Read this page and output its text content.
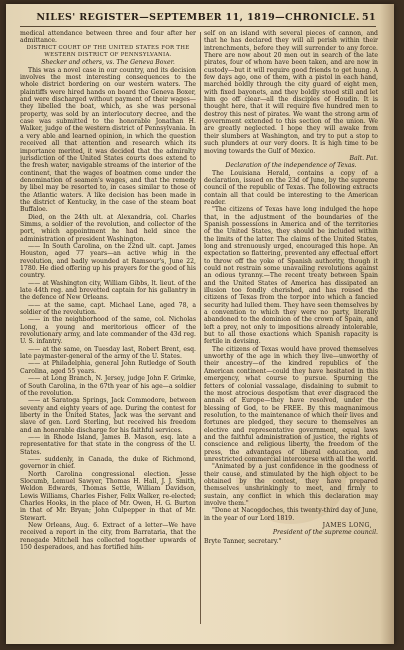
NILES' REGISTER—SEPTEMBER 11, 1819—CHRONICLE. 51

medical attendance between three and four after her admittance.

DISTRICT COURT OF THE UNITED STATES FOR THE WESTERN DISTRICT OF PENNSYLVANIA.

Shecker and others, vs. The Geneva Boxer.

This was a novel case in our country, and its decision involves the most interesting consequences to the whole district bordering on our western waters. The plaintiffs were hired hands on board the Geneva Boxer, and were discharged without payment of their wages—they libelled the boat, which, as she was personal property, was sold by an interlocutory decree, and the case was submitted to the honorable Jonathan H. Walker, judge of the western district of Pennsylvania. In a very able and learned opinion, in which the question received all that attention and research which its importance merited, it was decided that the admiralty jurisdiction of the United States courts does extend to the fresh water, navigable streams of the interior of the continent, that the wages of boatmen come under the denomination of seamen's wages, and that the remedy by libel may be resorted to, in cases similar to those of the Atlantic waters. A like decision has been made in the district of Kentucky, in the case of the steam boat Buffaloe.

Died, on the 24th ult. at Alexandria, col. Charles Simms, a soldier of the revolution, and collector of the port, which appointment he had held since the administration of president Washington.

—— In South Carolina, on the 22nd ult. capt. James Houston, aged 77 years—an active whig in the revolution, and badly wounded at Ramsour's, June 22, 1780. He died offering up his prayers for the good of his country.

—— at Washington city, William Gibbs, lt. lieut. of the late 44th reg. and brevetted captain for his gallantry in the defence of New Orleans.

—— at the same, capt. Michael Lane, aged 78, a soldier of the revolution.

—— in the neighborhood of the same, col. Nicholas Long, a young and meritorious officer of the revolutionary army, and late commander of the 43d reg. U. S. infantry.

—— at the same, on Tuesday last, Robert Brent, esq. late paymaster-general of the army of the U. States.

—— at Philadelphia, general John Rutledge of South Carolina, aged 55 years.

—— at Long Branch, N. Jersey, judge John F. Grimke, of South Carolina, in the 67th year of his age—a soldier of the revolution.

—— at Saratoga Springs, Jack Commodore, between seventy and eighty years of age. During the contest for liberty in the United States, Jack was the servant and slave of gen. Lord Sterling, but received his freedom and an honorable discharge for his faithful services.

—— in Rhode Island, James B. Mason, esq. late a representative for that state in the congress of the U. States.

—— suddenly, in Canada, the duke of Richmond, governor in chief.

North Carolina congressional election. Jesse Slocumb, Lemuel Sawyer, Thomas H. Hall, J. J. Smith, Weldon Edwards, Thomas Settle, William Davidson, Lewis Williams, Charles Fisher, Felix Walker, re-elected; Charles Hooks, in the place of Mr. Owen, H. G. Burton in that of Mr. Bryan; John Culpepper in that of Mr. Stewart.

New Orleans, Aug. 6. Extract of a letter—We have received a report in the city, from Barrataria, that the renegade Mitchell has collected together upwards of 150 desperadoes, and has fortified him-

self on an island with several pieces of cannon, and that he has declared they will all perish within their intrenchments, before they will surrender to any force. There are now about 20 men out in search of the late pirates, four of whom have been taken, and are now in custody—but it will require good friends to get hung. A few days ago, one of them, with a pistol in each hand, marched boldly through the city guard of eight men, with fixed bayonets, and they boldly stood still and let him go off clear—all the disciples of Houdin. It is thought here, that it will require five hundred men to destroy this nest of pirates. We want the strong arm of government extended to this section of the union. We are greatly neglected. I hope they will awake from their slumbers at Washington, and try to put a stop to such plunders at our very doors. It is high time to be moving towards the Gulf of Mexico.

Balt. Pat.

Declaration of the independence of Texas.

The Louisiana Herald, contains a copy of a declaration, issued on the 23d of June, by the supreme council of the republic of Texas. The following extracts contain all that could be interesting to the American reader.

"The citizens of Texas have long indulged the hope that, in the adjustment of the boundaries of the Spanish possessions in America and of the territories of the United States, they should be included within the limits of the latter. The claims of the United States, long and strenuously urged, encouraged this hope. An expectation so flattering, prevented any effectual effort to throw off the yoke of Spanish authority, though it could not restrain some unavailing revolutions against an odious tyranny.—The recent treaty between Spain and the United States of America has dissipated an illusion too fondly cherished, and has roused the citizens of Texas from the torpor into which a fancied security had lulled them. They have seen themselves by a convention to which they were no party, literally abandoned to the dominion of the crown of Spain, and left a prey, not only to impositions already intolerable, but to all those exactions which Spanish rapacity is fertile in devising.

The citizens of Texas would have proved themselves unworthy of the age in which they live—unworthy of their ancestry—of the kindred republics of the American continent—could they have hesitated in this emergency, what course to pursue. Spurning the fetters of colonial vassalage, disdaining to submit to the most atrocious despotism that ever disgraced the annals of Europe—they have resolved, under the blessing of God, to be FREE. By this magnanimous resolution, to the maintenance of which their lives and fortunes are pledged, they secure to themselves an elective and representative government, equal laws and the faithful administration of justice, the rights of conscience and religious liberty, the freedom of the press, the advantages of liberal education, and unrestricted commercial intercourse with all the world.

"Animated by a just confidence in the goodness of their cause, and stimulated by the high object to be obtained by the contest, they have prepared themselves unshrinkingly to meet, and firmly to sustain, any conflict in which this declaration may involve them."

"Done at Nacogdoches, this twenty-third day of June, in the year of our Lord 1819.

JAMES LONG,

President of the supreme council.

Bryte Tanner, secretary."
